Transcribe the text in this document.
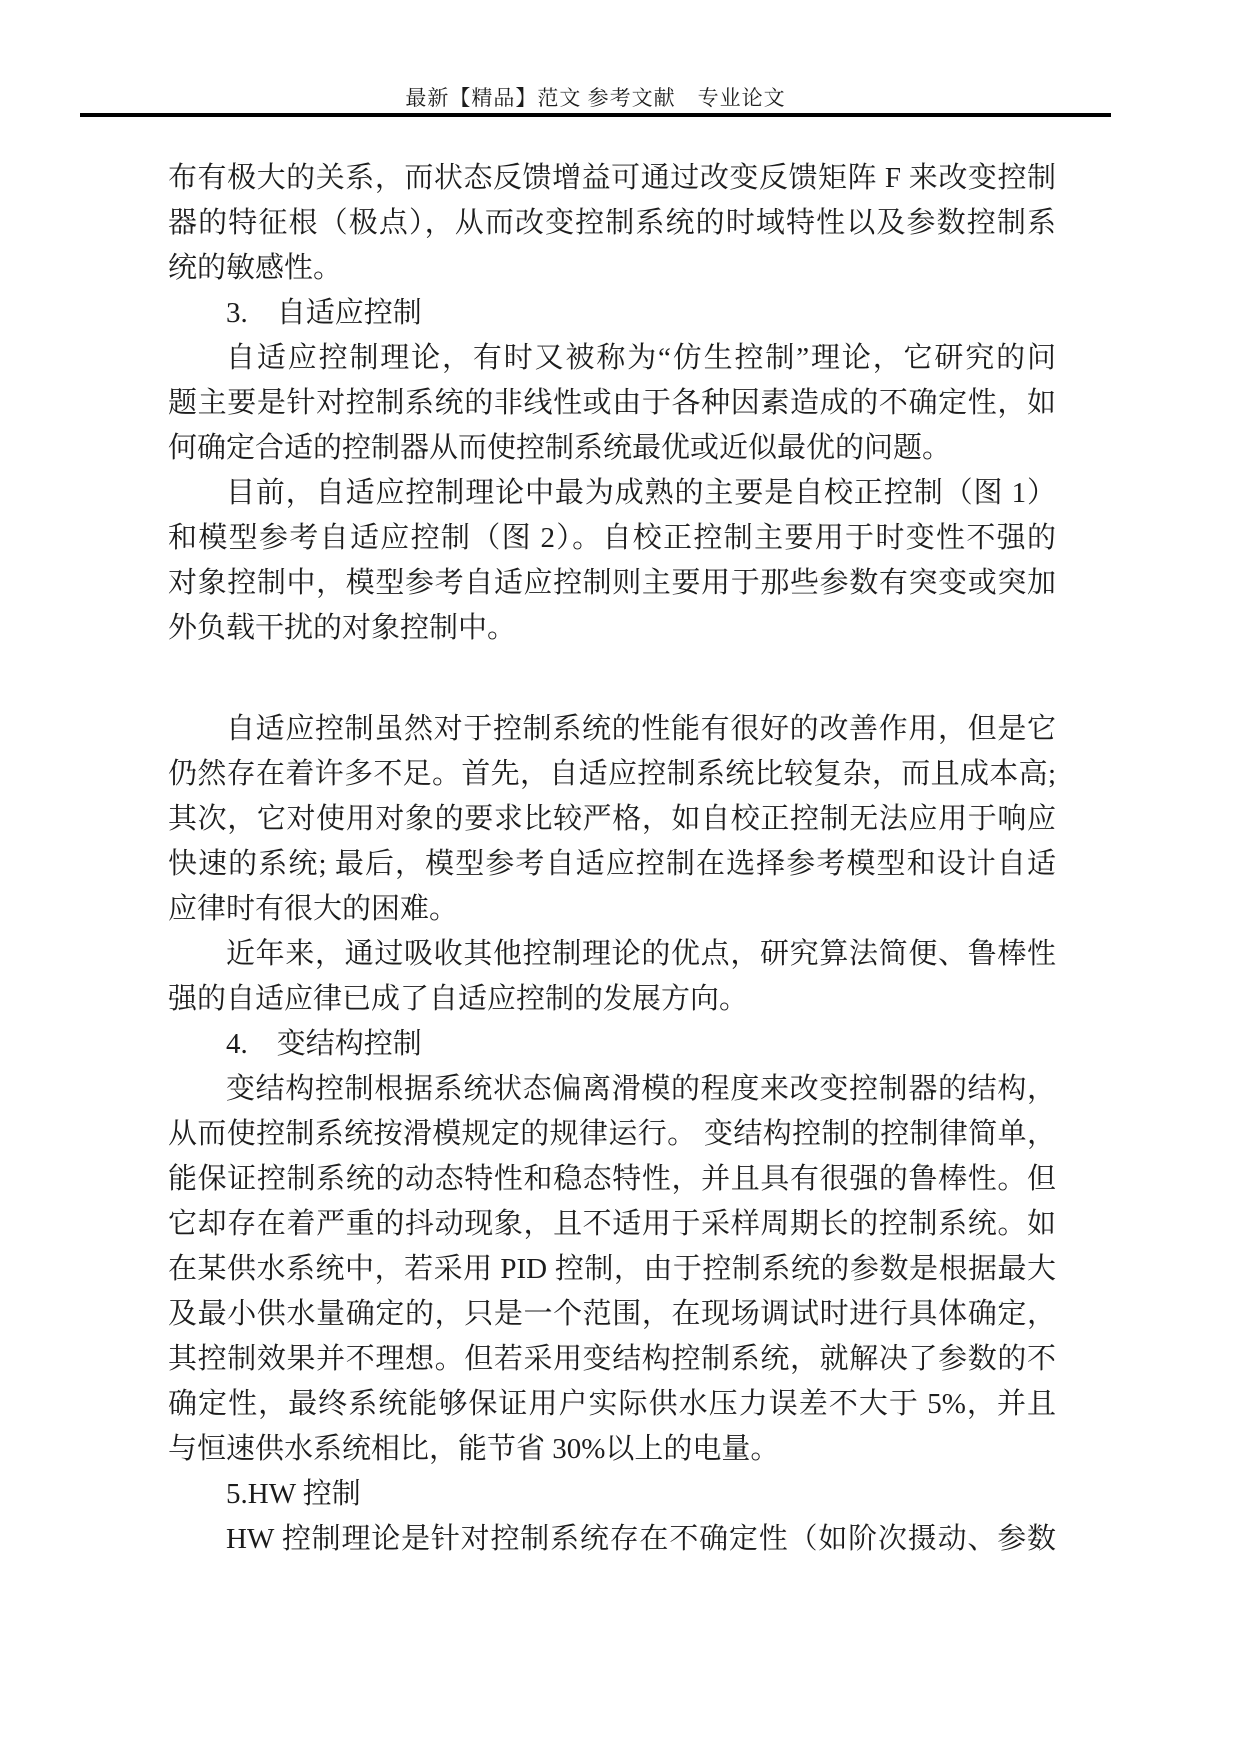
最新【精品】范文 参考文献　专业论文
布有极大的关系，而状态反馈增益可通过改变反馈矩阵 F 来改变控制
器的特征根（极点），从而改变控制系统的时域特性以及参数控制系
统的敏感性。
3.　自适应控制
自适应控制理论，有时又被称为“仿生控制”理论，它研究的问
题主要是针对控制系统的非线性或由于各种因素造成的不确定性，如
何确定合适的控制器从而使控制系统最优或近似最优的问题。
目前，自适应控制理论中最为成熟的主要是自校正控制（图 1）
和模型参考自适应控制（图 2）。自校正控制主要用于时变性不强的
对象控制中，模型参考自适应控制则主要用于那些参数有突变或突加
外负载干扰的对象控制中。
自适应控制虽然对于控制系统的性能有很好的改善作用，但是它
仍然存在着许多不足。首先，自适应控制系统比较复杂，而且成本高;
其次，它对使用对象的要求比较严格，如自校正控制无法应用于响应
快速的系统; 最后，模型参考自适应控制在选择参考模型和设计自适
应律时有很大的困难。
近年来，通过吸收其他控制理论的优点，研究算法简便、鲁棒性
强的自适应律已成了自适应控制的发展方向。
4.　变结构控制
变结构控制根据系统状态偏离滑模的程度来改变控制器的结构，
从而使控制系统按滑模规定的规律运行。 变结构控制的控制律简单，
能保证控制系统的动态特性和稳态特性，并且具有很强的鲁棒性。但
它却存在着严重的抖动现象，且不适用于采样周期长的控制系统。如
在某供水系统中，若采用 PID 控制，由于控制系统的参数是根据最大
及最小供水量确定的，只是一个范围，在现场调试时进行具体确定，
其控制效果并不理想。但若采用变结构控制系统，就解决了参数的不
确定性，最终系统能够保证用户实际供水压力误差不大于 5%，并且
与恒速供水系统相比，能节省 30%以上的电量。
5.HW 控制
HW 控制理论是针对控制系统存在不确定性（如阶次摄动、参数
